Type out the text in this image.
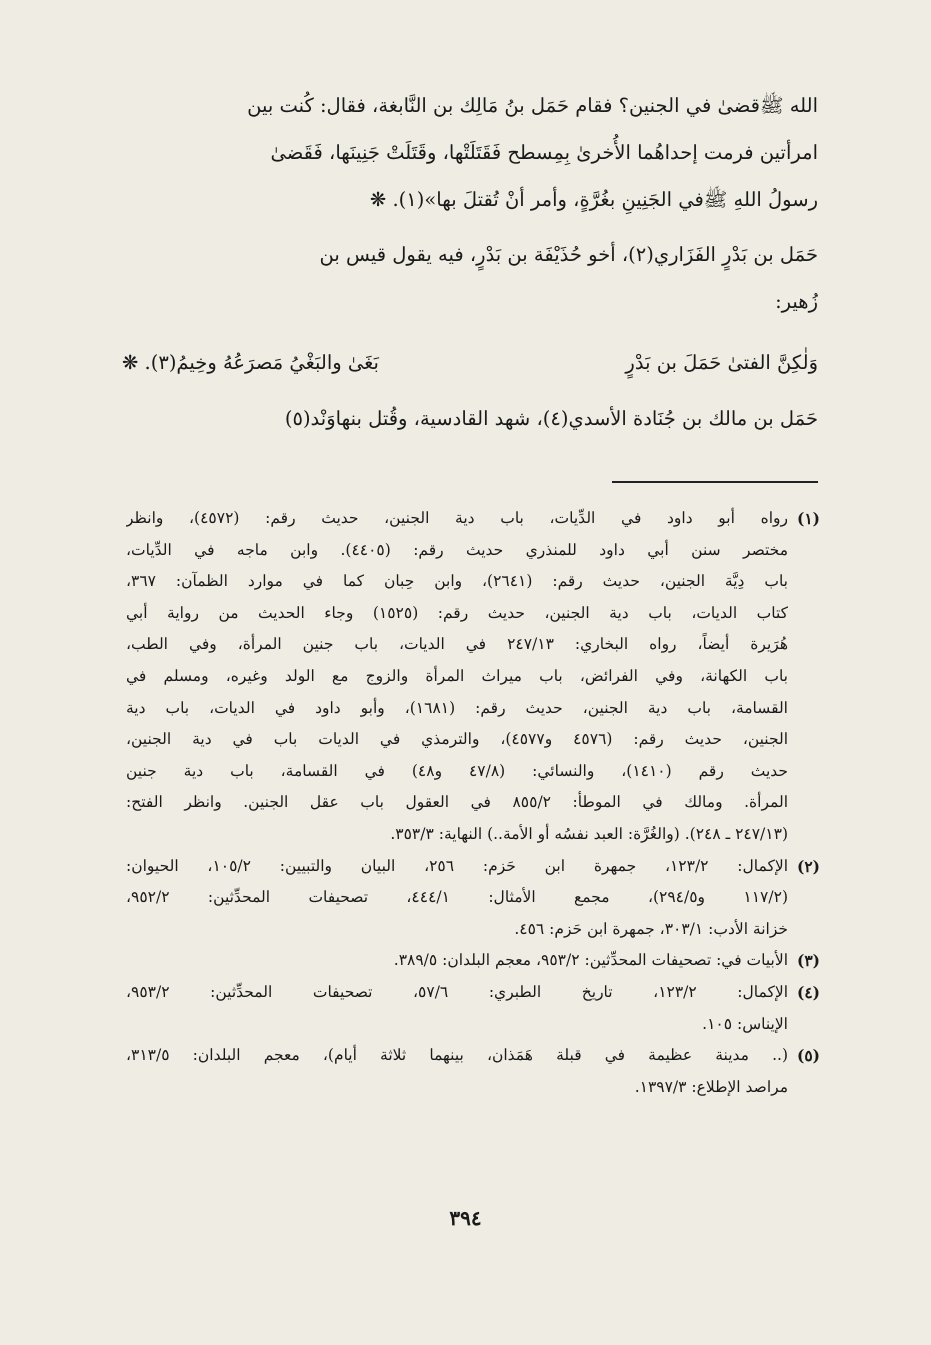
الله ﷺقضىٰ في الجنين؟ فقام حَمَل بنُ مَالِك بن النَّابغة، فقال: كُنت بين
امرأتين فرمت إحداهُما الأُخرىٰ بِمِسطح فَقَتَلَتْها، وقَتَلَتْ جَنِينَها، فَقَضىٰ
رسولُ اللهِ ﷺفي الجَنِينِ بغُرَّةٍ، وأمر أنْ تُقتلَ بها»(١). ❋

حَمَل بن بَدْرٍ الفَزَاري(٢)، أخو حُذَيْفَة بن بَدْرٍ، فيه يقول قيس بن
زُهير:

وَلٰكِنَّ الفتىٰ حَمَلَ بن بَدْرٍ
بَغَىٰ والبَغْيُ مَصرَعُهُ وخِيمُ(٣). ❋

حَمَل بن مالك بن جُنَادة الأسدي(٤)، شهد القادسية، وقُتل بنهاوَنْد(٥)

(١)
رواه أبو داود في الدِّيات، باب دية الجنين، حديث رقم: (٤٥٧٢)، وانظر
مختصر سنن أبي داود للمنذري حديث رقم: (٤٤٠٥). وابن ماجه في الدِّيات،
باب دِيَّة الجنين، حديث رقم: (٢٦٤١)، وابن حِبان كما في موارد الظمآن: ٣٦٧،
كتاب الديات، باب دية الجنين، حديث رقم: (١٥٢٥) وجاء الحديث من رواية أبي
هُرَيرة أيضاً، رواه البخاري: ٢٤٧/١٣ في الديات، باب جنين المرأة، وفي الطب،
باب الكهانة، وفي الفرائض، باب ميراث المرأة والزوج مع الولد وغيره، ومسلم في
القسامة، باب دية الجنين، حديث رقم: (١٦٨١)، وأبو داود في الديات، باب دية
الجنين، حديث رقم: (٤٥٧٦ و٤٥٧٧)، والترمذي في الديات باب في دية الجنين،
حديث رقم (١٤١٠)، والنسائي: (٤٧/٨ و٤٨) في القسامة، باب دية جنين
المرأة. ومالك في الموطأ: ٨٥٥/٢ في العقول باب عقل الجنين. وانظر الفتح:
(٢٤٧/١٣ ـ ٢٤٨). (والغُرَّة: العبد نفسُه أو الأمة..) النهاية: ٣٥٣/٣.
(٢)
الإكمال: ١٢٣/٢، جمهرة ابن حَزم: ٢٥٦، البيان والتبيين: ١٠٥/٢، الحيوان:
(١١٧/٢ و٢٩٤/٥)، مجمع الأمثال: ٤٤٤/١، تصحيفات المحدِّثين: ٩٥٢/٢،
خزانة الأدب: ٣٠٣/١، جمهرة ابن حَزم: ٤٥٦.
(٣)
الأبيات في: تصحيفات المحدِّثين: ٩٥٣/٢، معجم البلدان: ٣٨٩/٥.
(٤)
الإكمال: ١٢٣/٢، تاريخ الطبري: ٥٧/٦، تصحيفات المحدِّثين: ٩٥٣/٢،
الإيناس: ١٠٥.
(٥)
(.. مدينة عظيمة في قبلة هَمَذان، بينهما ثلاثة أيام)، معجم البلدان: ٣١٣/٥،
مراصد الإطلاع: ١٣٩٧/٣.
٣٩٤
